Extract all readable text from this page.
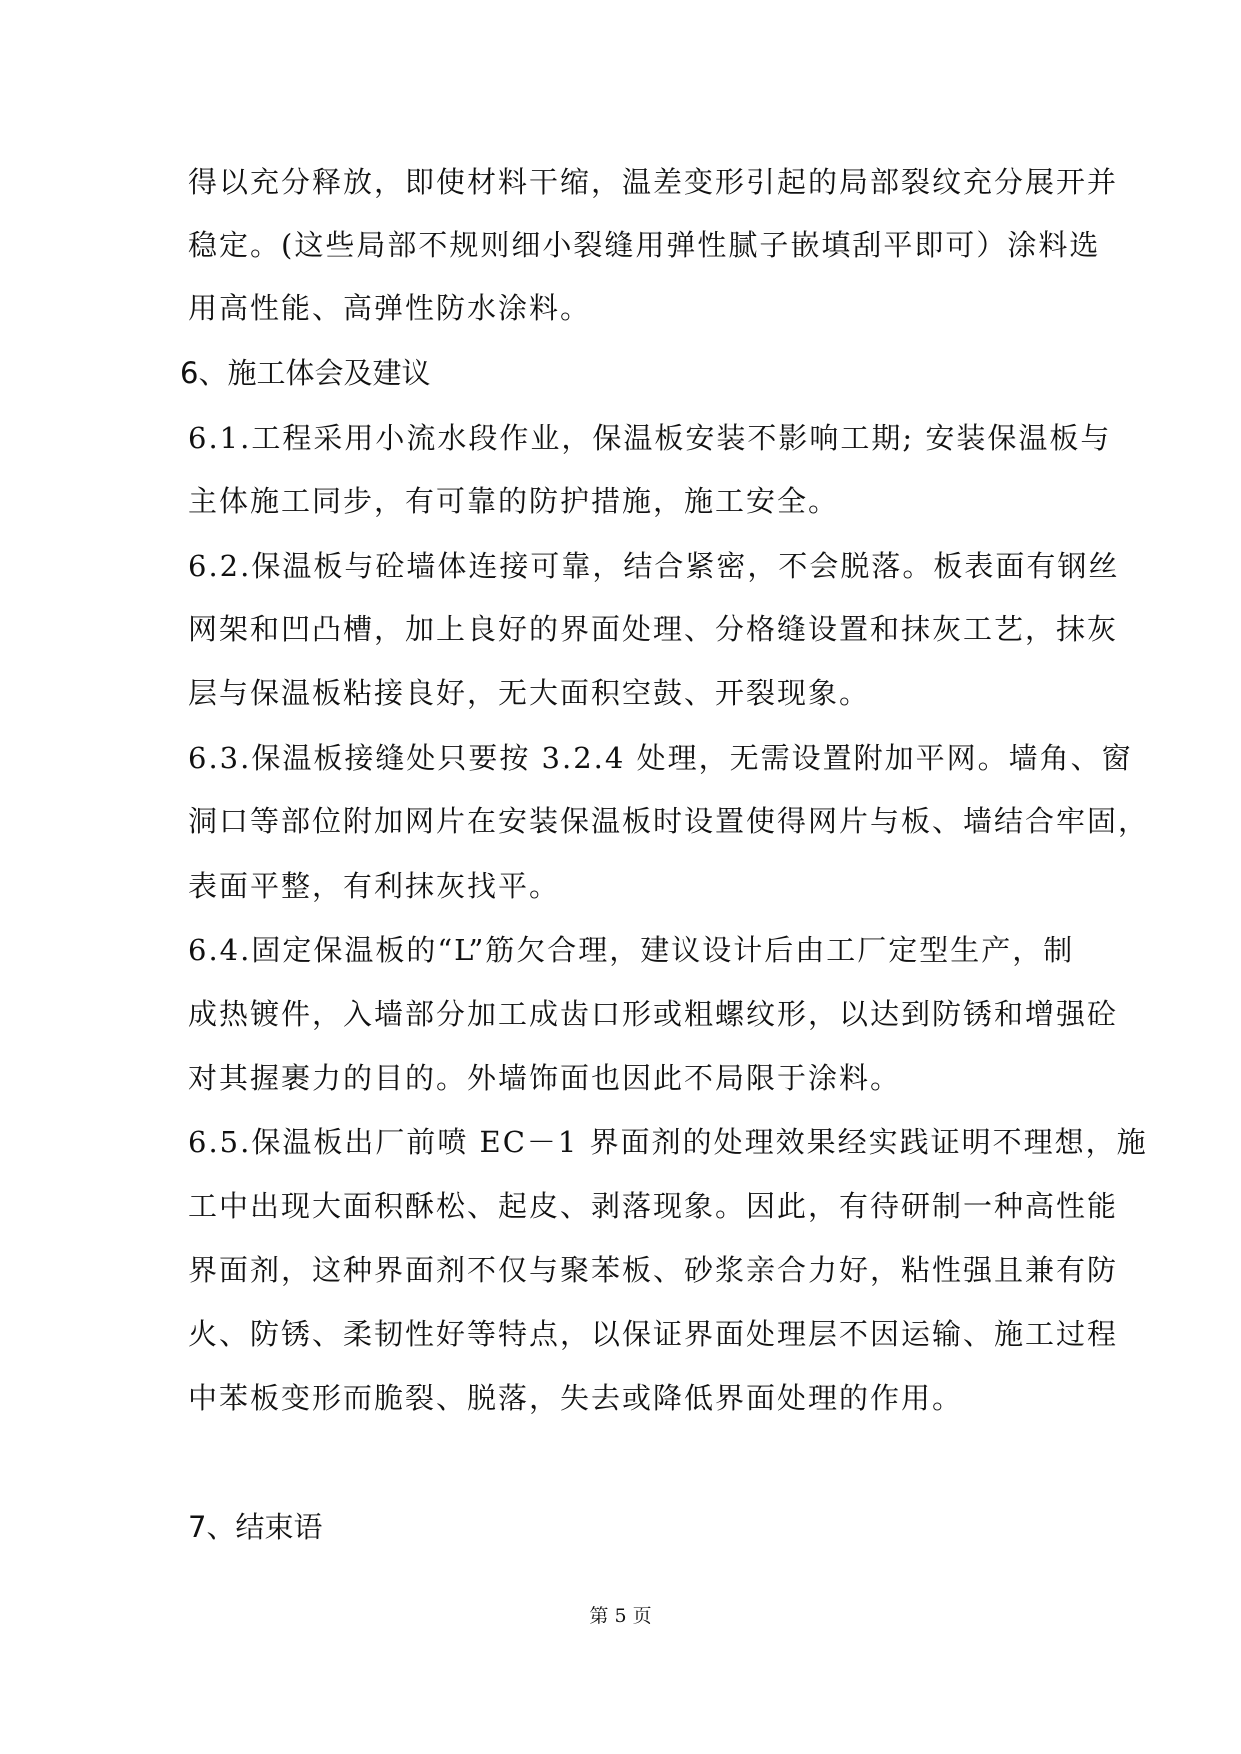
得以充分释放，即使材料干缩，温差变形引起的局部裂纹充分展开并
稳定。(这些局部不规则细小裂缝用弹性腻子嵌填刮平即可）涂料选
用高性能、高弹性防水涂料。
6、施工体会及建议
6.1.工程采用小流水段作业，保温板安装不影响工期; 安装保温板与
主体施工同步，有可靠的防护措施，施工安全。
6.2.保温板与砼墙体连接可靠，结合紧密，不会脱落。板表面有钢丝
网架和凹凸槽，加上良好的界面处理、分格缝设置和抹灰工艺，抹灰
层与保温板粘接良好，无大面积空鼓、开裂现象。
6.3.保温板接缝处只要按 3.2.4 处理，无需设置附加平网。墙角、窗
洞口等部位附加网片在安装保温板时设置使得网片与板、墙结合牢固，
表面平整，有利抹灰找平。
6.4.固定保温板的“L”筋欠合理，建议设计后由工厂定型生产，制
成热镀件，入墙部分加工成齿口形或粗螺纹形，以达到防锈和增强砼
对其握裹力的目的。外墙饰面也因此不局限于涂料。
6.5.保温板出厂前喷 EC－1 界面剂的处理效果经实践证明不理想，施
工中出现大面积酥松、起皮、剥落现象。因此，有待研制一种高性能
界面剂，这种界面剂不仅与聚苯板、砂浆亲合力好，粘性强且兼有防
火、防锈、柔韧性好等特点，以保证界面处理层不因运输、施工过程
中苯板变形而脆裂、脱落，失去或降低界面处理的作用。
7、结束语
第 5 页
